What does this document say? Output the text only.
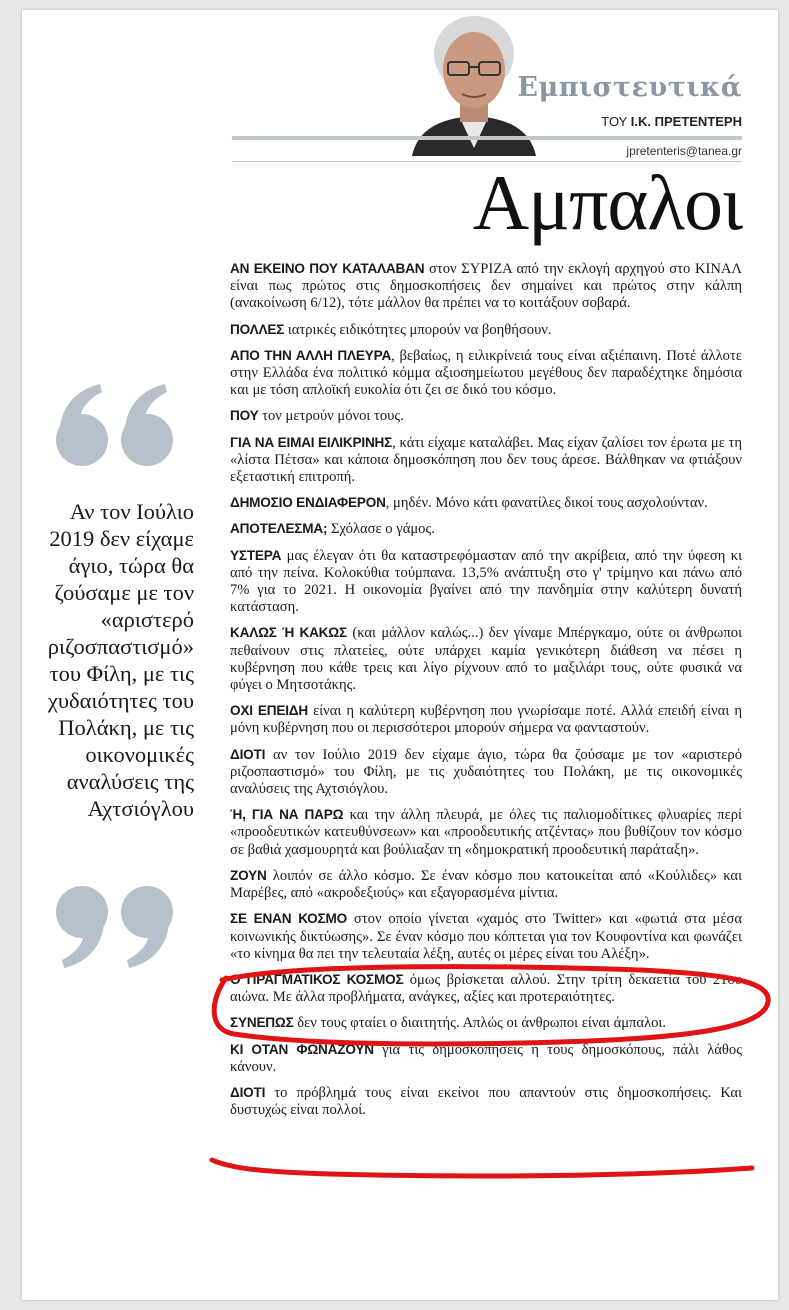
Εμπιστευτικά
ΤΟΥ Ι.Κ. ΠΡΕΤΕΝΤΕΡΗ
jpretenteris@tanea.gr
Αμπαλοι
Αν τον Ιούλιο 2019 δεν είχαμε άγιο, τώρα θα ζούσαμε με τον «αριστερό ριζοσπαστισμό» του Φίλη, με τις χυδαιότητες του Πολάκη, με τις οικονομικές αναλύσεις της Αχτσιόγλου

ΑΝ ΕΚΕΙΝΟ ΠΟΥ ΚΑΤΑΛΑΒΑΝ στον ΣΥΡΙΖΑ από την εκλογή αρχηγού στο ΚΙΝΑΛ είναι πως πρώτος στις δημοσκοπήσεις δεν σημαίνει και πρώτος στην κάλπη (ανακοίνωση 6/12), τότε μάλλον θα πρέπει να το κοιτάξουν σοβαρά.

ΠΟΛΛΕΣ ιατρικές ειδικότητες μπορούν να βοηθήσουν.

ΑΠΟ ΤΗΝ ΑΛΛΗ ΠΛΕΥΡΑ, βεβαίως, η ειλικρίνειά τους είναι αξιέπαινη. Ποτέ άλλοτε στην Ελλάδα ένα πολιτικό κόμμα αξιοσημείωτου μεγέθους δεν παραδέχτηκε δημόσια και με τόση απλοϊκή ευκολία ότι ζει σε δικό του κόσμο.

ΠΟΥ τον μετρούν μόνοι τους.

ΓΙΑ ΝΑ ΕΙΜΑΙ ΕΙΛΙΚΡΙΝΗΣ, κάτι είχαμε καταλάβει. Μας είχαν ζαλίσει τον έρωτα με τη «λίστα Πέτσα» και κάποια δημοσκόπηση που δεν τους άρεσε. Βάλθηκαν να φτιάξουν εξεταστική επιτροπή.

ΔΗΜΟΣΙΟ ΕΝΔΙΑΦΕΡΟΝ, μηδέν. Μόνο κάτι φανατίλες δικοί τους ασχολούνταν.

ΑΠΟΤΕΛΕΣΜΑ; Σχόλασε ο γάμος.

ΥΣΤΕΡΑ μας έλεγαν ότι θα καταστρεφόμασταν από την ακρίβεια, από την ύφεση κι από την πείνα. Κολοκύθια τούμπανα. 13,5% ανάπτυξη στο γ' τρίμηνο και πάνω από 7% για το 2021. Η οικονομία βγαίνει από την πανδημία στην καλύτερη δυνατή κατάσταση.

ΚΑΛΩΣ Ή ΚΑΚΩΣ (και μάλλον καλώς...) δεν γίναμε Μπέργκαμο, ούτε οι άνθρωποι πεθαίνουν στις πλατείες, ούτε υπάρχει καμία γενικότερη διάθεση να πέσει η κυβέρνηση που κάθε τρεις και λίγο ρίχνουν από το μαξιλάρι τους, ούτε φυσικά να φύγει ο Μητσοτάκης.

ΟΧΙ ΕΠΕΙΔΗ είναι η καλύτερη κυβέρνηση που γνωρίσαμε ποτέ. Αλλά επειδή είναι η μόνη κυβέρνηση που οι περισσότεροι μπορούν σήμερα να φανταστούν.

ΔΙΟΤΙ αν τον Ιούλιο 2019 δεν είχαμε άγιο, τώρα θα ζούσαμε με τον «αριστερό ριζοσπαστισμό» του Φίλη, με τις χυδαιότητες του Πολάκη, με τις οικονομικές αναλύσεις της Αχτσιόγλου.

Ή, ΓΙΑ ΝΑ ΠΑΡΩ και την άλλη πλευρά, με όλες τις παλιομοδίτικες φλυαρίες περί «προοδευτικών κατευθύνσεων» και «προοδευτικής ατζέντας» που βυθίζουν τον κόσμο σε βαθιά χασμουρητά και βούλιαξαν τη «δημοκρατική προοδευτική παράταξη».

ΖΟΥΝ λοιπόν σε άλλο κόσμο. Σε έναν κόσμο που κατοικείται από «Κούλιδες» και Μαρέβες, από «ακροδεξιούς» και εξαγορασμένα μίντια.

ΣΕ ΕΝΑΝ ΚΟΣΜΟ στον οποίο γίνεται «χαμός στο Twitter» και «φωτιά στα μέσα κοινωνικής δικτύωσης». Σε έναν κόσμο που κόπτεται για τον Κουφοντίνα και φωνάζει «το κίνημα θα πει την τελευταία λέξη, αυτές οι μέρες είναι του Αλέξη».

Ο ΠΡΑΓΜΑΤΙΚΟΣ ΚΟΣΜΟΣ όμως βρίσκεται αλλού. Στην τρίτη δεκαετία του 21ου αιώνα. Με άλλα προβλήματα, ανάγκες, αξίες και προτεραιότητες.

ΣΥΝΕΠΩΣ δεν τους φταίει ο διαιτητής. Απλώς οι άνθρωποι είναι άμπαλοι.

ΚΙ ΟΤΑΝ ΦΩΝΑΖΟΥΝ για τις δημοσκοπήσεις ή τους δημοσκόπους, πάλι λάθος κάνουν.

ΔΙΟΤΙ το πρόβλημά τους είναι εκείνοι που απαντούν στις δημοσκοπήσεις. Και δυστυχώς είναι πολλοί.
